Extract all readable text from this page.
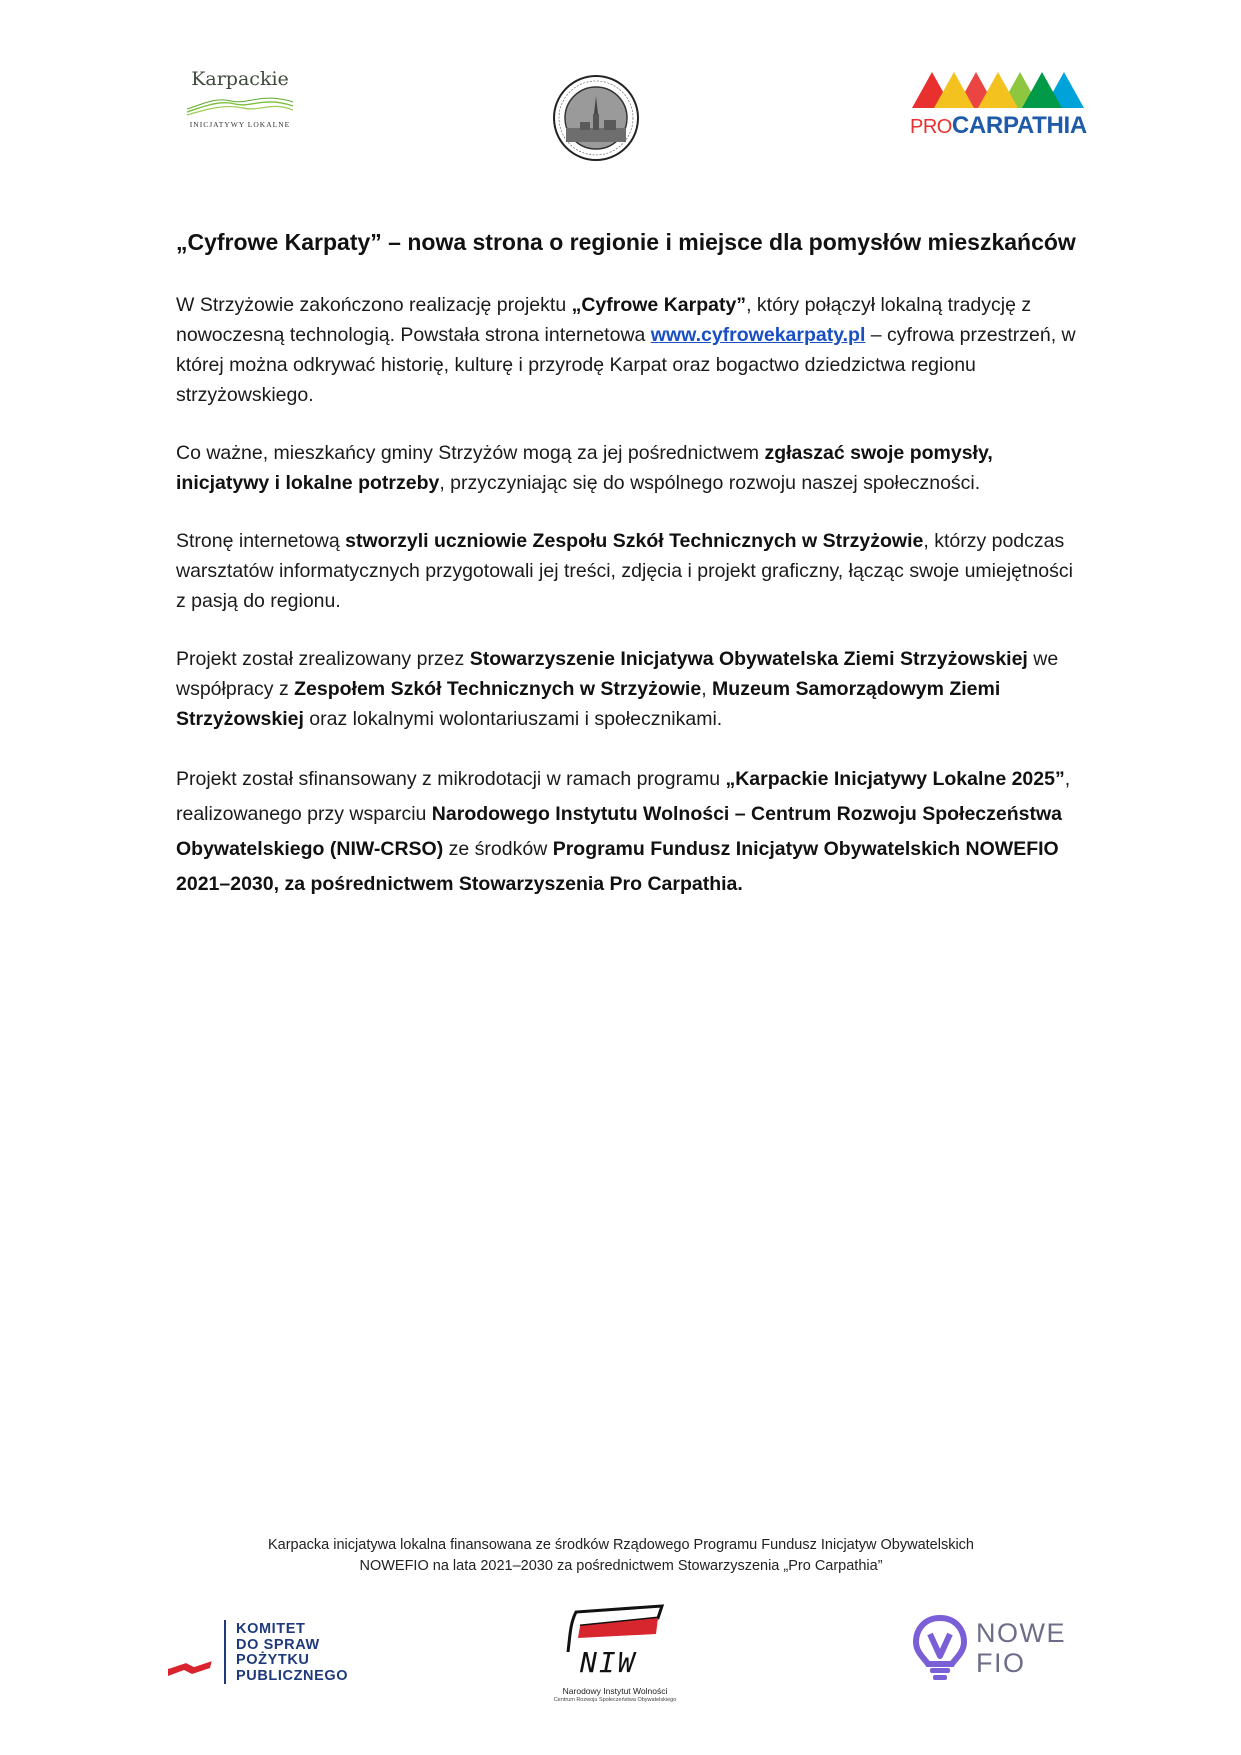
Karpackie
INICJATYWY LOKALNE	PROCARPATHIA
„Cyfrowe Karpaty” – nowa strona o regionie i miejsce dla pomysłów mieszkańców

W Strzyżowie zakończono realizację projektu „Cyfrowe Karpaty”, który połączył lokalną tradycję z nowoczesną technologią. Powstała strona internetowa www.cyfrowekarpaty.pl – cyfrowa przestrzeń, w której można odkrywać historię, kulturę i przyrodę Karpat oraz bogactwo dziedzictwa regionu strzyżowskiego.

Co ważne, mieszkańcy gminy Strzyżów mogą za jej pośrednictwem zgłaszać swoje pomysły, inicjatywy i lokalne potrzeby, przyczyniając się do wspólnego rozwoju naszej społeczności.

Stronę internetową stworzyli uczniowie Zespołu Szkół Technicznych w Strzyżowie, którzy podczas warsztatów informatycznych przygotowali jej treści, zdjęcia i projekt graficzny, łącząc swoje umiejętności z pasją do regionu.

Projekt został zrealizowany przez Stowarzyszenie Inicjatywa Obywatelska Ziemi Strzyżowskiej we współpracy z Zespołem Szkół Technicznych w Strzyżowie, Muzeum Samorządowym Ziemi Strzyżowskiej oraz lokalnymi wolontariuszami i społecznikami.

Projekt został sfinansowany z mikrodotacji w ramach programu „Karpackie Inicjatywy Lokalne 2025”, realizowanego przy wsparciu Narodowego Instytutu Wolności – Centrum Rozwoju Społeczeństwa Obywatelskiego (NIW-CRSO) ze środków Programu Fundusz Inicjatyw Obywatelskich NOWEFIO 2021–2030, za pośrednictwem Stowarzyszenia Pro Carpathia.

Karpacka inicjatywa lokalna finansowana ze środków Rządowego Programu Fundusz Inicjatyw Obywatelskich
NOWEFIO na lata 2021–2030 za pośrednictwem Stowarzyszenia „Pro Carpathia”
KOMITET
DO SPRAW
POŻYTKU
PUBLICZNEGO	NIW
Narodowy Instytut Wolności
Centrum Rozwoju Społeczeństwa Obywatelskiego
NOWE
FIO
